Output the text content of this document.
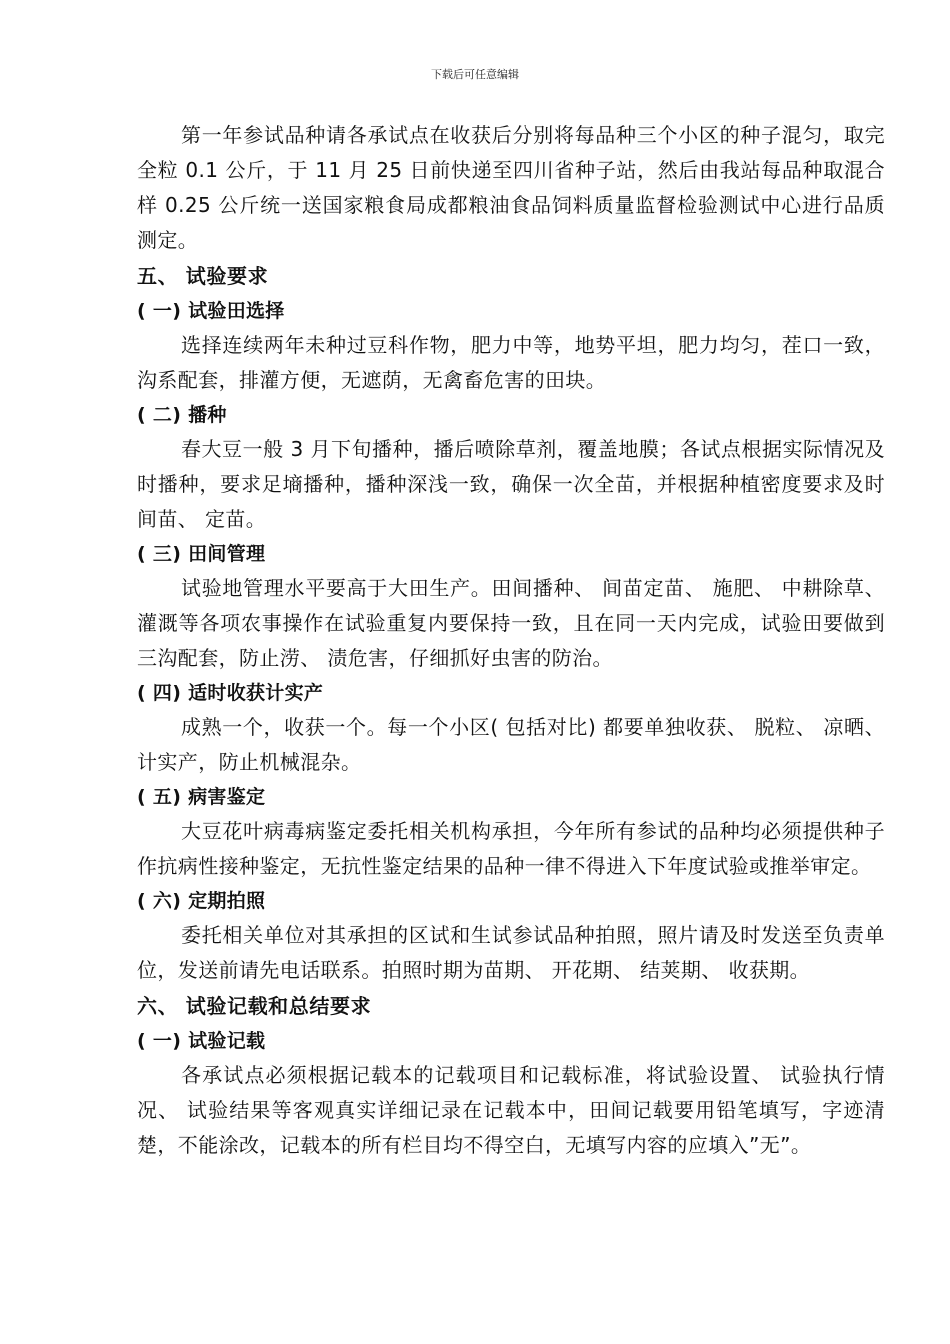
下载后可任意编辑

第一年参试品种请各承试点在收获后分别将每品种三个小区的种子混匀，取完全粒 0.1 公斤，于 11 月 25 日前快递至四川省种子站，然后由我站每品种取混合样 0.25 公斤统一送国家粮食局成都粮油食品饲料质量监督检验测试中心进行品质测定。

五、 试验要求
( 一) 试验田选择

选择连续两年未种过豆科作物，肥力中等，地势平坦，肥力均匀，茬口一致，沟系配套，排灌方便，无遮荫，无禽畜危害的田块。

( 二) 播种

春大豆一般 3 月下旬播种，播后喷除草剂，覆盖地膜；各试点根据实际情况及时播种，要求足墒播种，播种深浅一致，确保一次全苗，并根据种植密度要求及时间苗、 定苗。

( 三) 田间管理

试验地管理水平要高于大田生产。田间播种、 间苗定苗、 施肥、 中耕除草、 灌溉等各项农事操作在试验重复内要保持一致，且在同一天内完成，试验田要做到三沟配套，防止涝、 渍危害，仔细抓好虫害的防治。

( 四) 适时收获计实产

成熟一个，收获一个。每一个小区( 包括对比) 都要单独收获、 脱粒、 凉晒、 计实产，防止机械混杂。

( 五) 病害鉴定

大豆花叶病毒病鉴定委托相关机构承担，今年所有参试的品种均必须提供种子作抗病性接种鉴定，无抗性鉴定结果的品种一律不得进入下年度试验或推举审定。

( 六) 定期拍照

委托相关单位对其承担的区试和生试参试品种拍照，照片请及时发送至负责单位，发送前请先电话联系。拍照时期为苗期、 开花期、 结荚期、 收获期。

六、 试验记载和总结要求
( 一) 试验记载

各承试点必须根据记载本的记载项目和记载标准，将试验设置、 试验执行情况、 试验结果等客观真实详细记录在记载本中，田间记载要用铅笔填写，字迹清楚，不能涂改，记载本的所有栏目均不得空白，无填写内容的应填入”无”。
